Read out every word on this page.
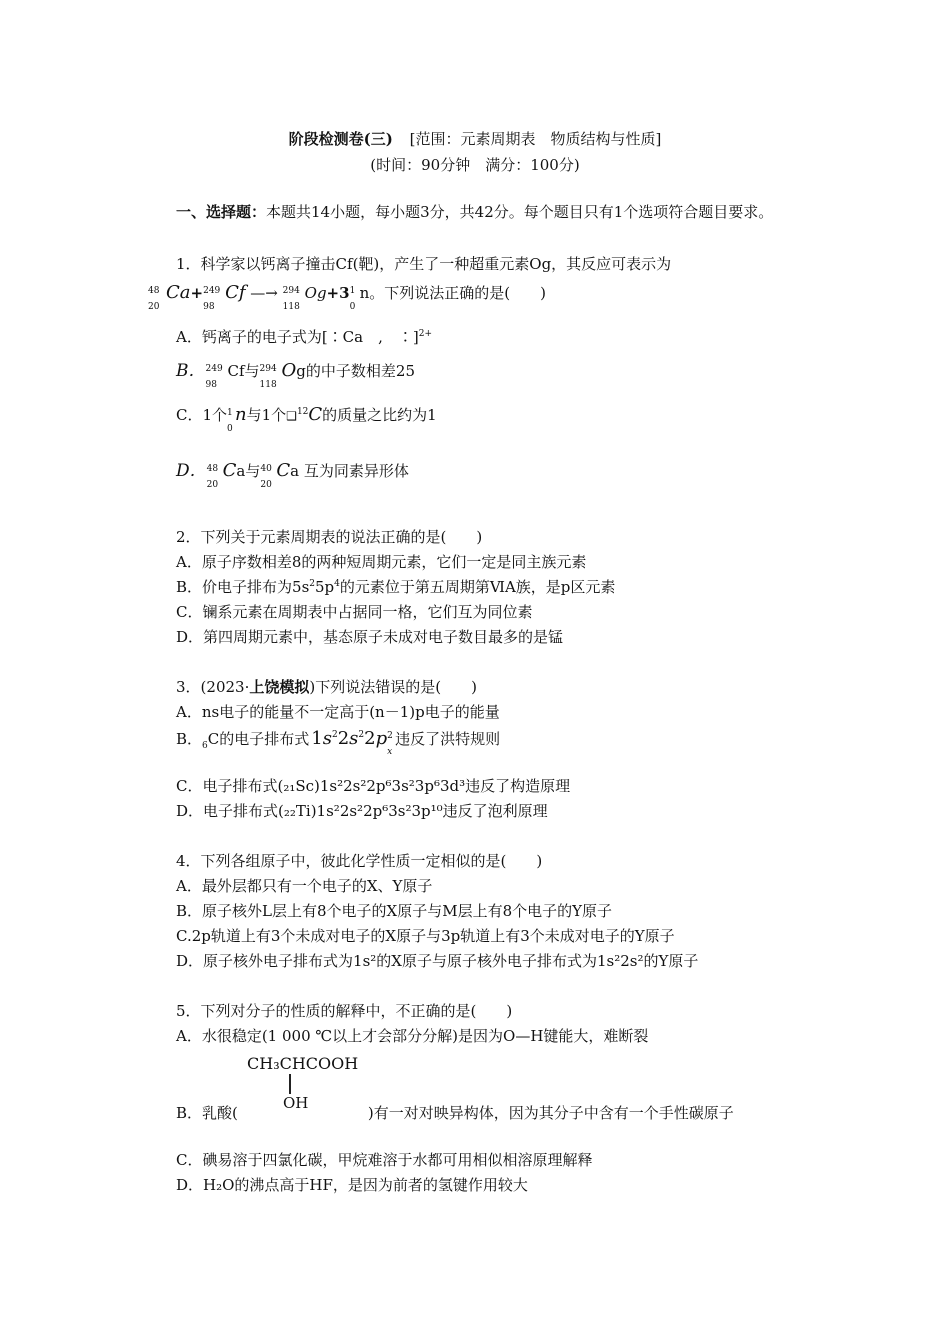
阶段检测卷(三) [范围：元素周期表　物质结构与性质]
(时间：90分钟　满分：100分)
一、选择题：本题共14小题，每小题3分，共42分。每个题目只有1个选项符合题目要求。
1．科学家以钙离子撞击Cf(靶)，产生了一种超重元素Og，其反应可表示为
48
20
Ca+ 249
98
Cf —→ 294
118
Og+3 1
0
n。下列说法正确的是(　　)
A．钙离子的电子式为[∶Ca　,　∶]$^{2+}$
B． 249
98
Cf与 294
118
Og的中子数相差25
C．1个 1
0
n与1个❑$^{12}$C的质量之比约为1
D． 48
20
Ca与 40
20
Ca 互为同素异形体
2．下列关于元素周期表的说法正确的是(　　)
A．原子序数相差8的两种短周期元素，它们一定是同主族元素
B．价电子排布为$5s^25p^4$的元素位于第五周期第ⅥA族，是p区元素
C．镧系元素在周期表中占据同一格，它们互为同位素
D．第四周期元素中，基态原子未成对电子数目最多的是锰
3．(2023·上饶模拟)下列说法错误的是(　　)
A．ns电子的能量不一定高于(n－1)p电子的能量
B．$_6$C的电子排布式 $1s^22s^22p$ 2
x
违反了洪特规则
C．电子排布式(₂₁Sc)1s²2s²2p⁶3s²3p⁶3d³违反了构造原理
D．电子排布式(₂₂Ti)1s²2s²2p⁶3s²3p¹⁰违反了泡利原理
4．下列各组原子中，彼此化学性质一定相似的是(　　)
A．最外层都只有一个电子的X、Y原子
B．原子核外L层上有8个电子的X原子与M层上有8个电子的Y原子
C.2p轨道上有3个未成对电子的X原子与3p轨道上有3个未成对电子的Y原子
D．原子核外电子排布式为1s²的X原子与原子核外电子排布式为1s²2s²的Y原子
5．下列对分子的性质的解释中，不正确的是(　　)
A．水很稳定(1 000 ℃以上才会部分分解)是因为O—H键能大，难断裂
CH₃CHCOOH
OH
B．乳酸(	)有一对对映异构体，因为其分子中含有一个手性碳原子
C．碘易溶于四氯化碳，甲烷难溶于水都可用相似相溶原理解释
D．H₂O的沸点高于HF，是因为前者的氢键作用较大
